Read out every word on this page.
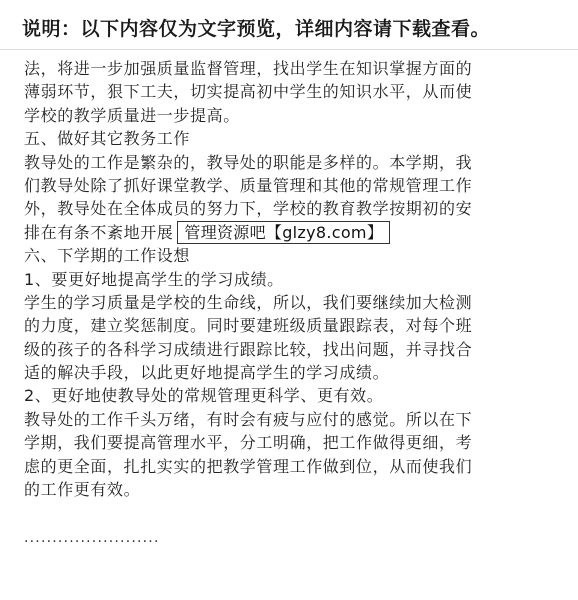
说明：以下内容仅为文字预览，详细内容请下载查看。
法，将进一步加强质量监督管理，找出学生在知识掌握方面的
薄弱环节，狠下工夫，切实提高初中学生的知识水平，从而使
学校的教学质量进一步提高。
五、做好其它教务工作
教导处的工作是繁杂的，教导处的职能是多样的。本学期，我
们教导处除了抓好课堂教学、质量管理和其他的常规管理工作
外，教导处在全体成员的努力下，学校的教育教学按期初的安
排在有条不紊地开展 管理资源吧【glzy8.com】
六、下学期的工作设想
1、要更好地提高学生的学习成绩。
学生的学习质量是学校的生命线，所以，我们要继续加大检测
的力度，建立奖惩制度。同时要建班级质量跟踪表，对每个班
级的孩子的各科学习成绩进行跟踪比较，找出问题，并寻找合
适的解决手段，以此更好地提高学生的学习成绩。
2、更好地使教导处的常规管理更科学、更有效。
教导处的工作千头万绪，有时会有疲与应付的感觉。所以在下
学期，我们要提高管理水平，分工明确，把工作做得更细，考
虑的更全面，扎扎实实的把教学管理工作做到位，从而使我们
的工作更有效。
························
